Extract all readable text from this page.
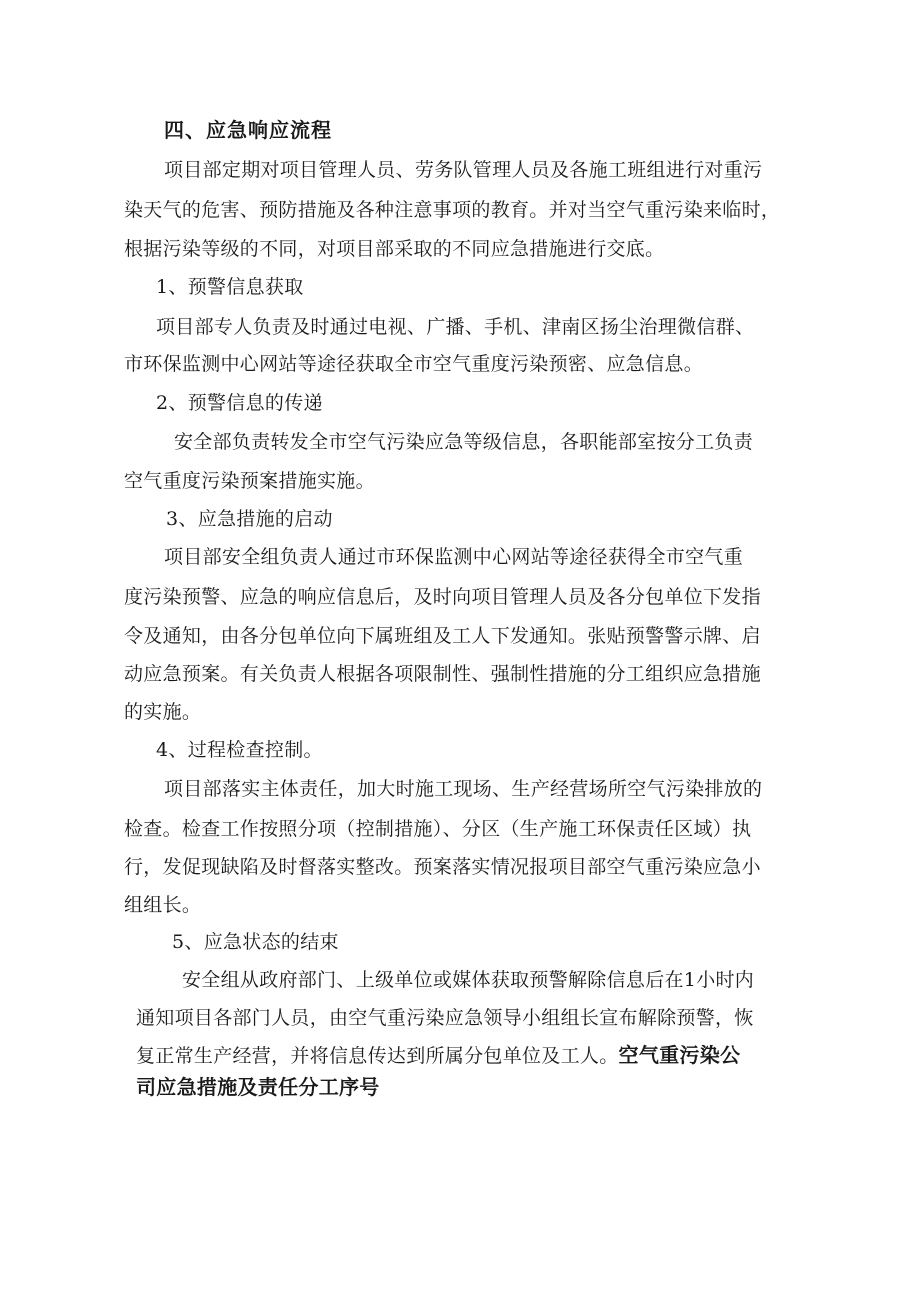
四、应急响应流程
项目部定期对项目管理人员、劳务队管理人员及各施工班组进行对重污
染天气的危害、预防措施及各种注意事项的教育。并对当空气重污染来临时，
根据污染等级的不同，对项目部采取的不同应急措施进行交底。
1、预警信息获取
项目部专人负责及时通过电视、广播、手机、津南区扬尘治理微信群、
市环保监测中心网站等途径获取全市空气重度污染预密、应急信息。
2、预警信息的传递
安全部负责转发全市空气污染应急等级信息，各职能部室按分工负责
空气重度污染预案措施实施。
3、应急措施的启动
项目部安全组负责人通过市环保监测中心网站等途径获得全市空气重
度污染预警、应急的响应信息后，及时向项目管理人员及各分包单位下发指
令及通知，由各分包单位向下属班组及工人下发通知。张贴预警警示牌、启
动应急预案。有关负责人根据各项限制性、强制性措施的分工组织应急措施
的实施。
4、过程检查控制。
项目部落实主体责任，加大时施工现场、生产经营场所空气污染排放的
检查。检查工作按照分项（控制措施）、分区（生产施工环保责任区域）执
行，发促现缺陷及时督落实整改。预案落实情况报项目部空气重污染应急小
组组长。
5、应急状态的结束
安全组从政府部门、上级单位或媒体获取预警解除信息后在1小时内
通知项目各部门人员，由空气重污染应急领导小组组长宣布解除预警，恢
复正常生产经营，并将信息传达到所属分包单位及工人。空气重污染公
司应急措施及责任分工序号
